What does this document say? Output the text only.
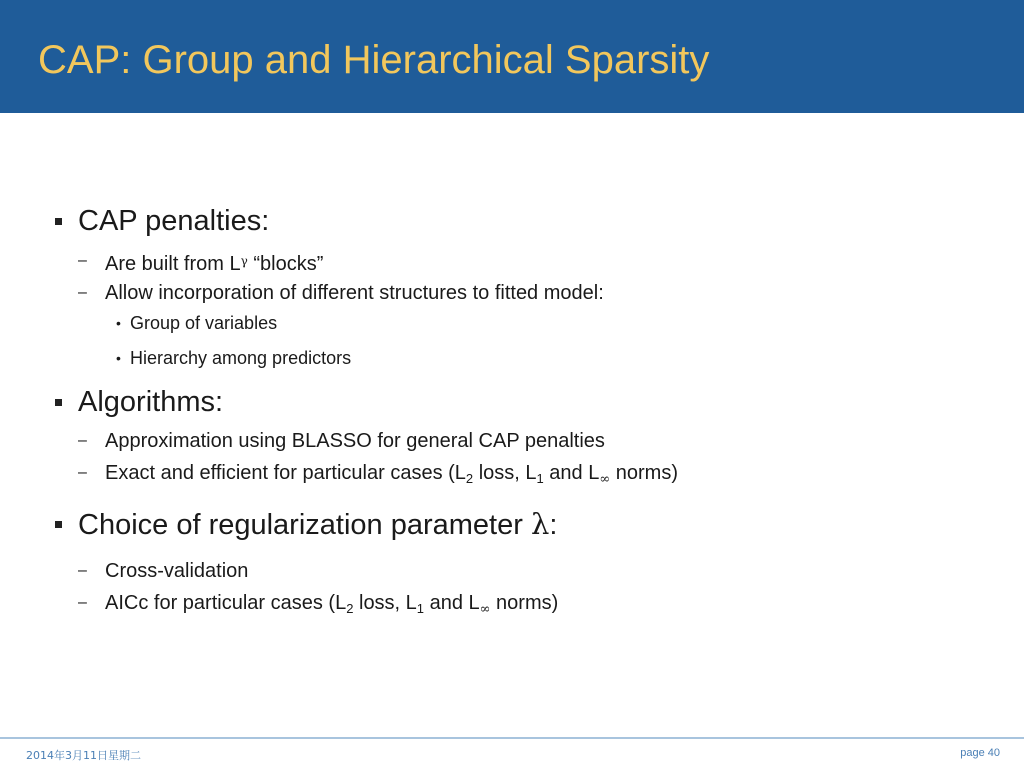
CAP: Group and Hierarchical Sparsity
CAP penalties:
– Are built from $L^\gamma$ “blocks”
– Allow incorporation of different structures to fitted model:
• Group of variables
• Hierarchy among predictors
Algorithms:
– Approximation using BLASSO for general CAP penalties
– Exact and efficient for particular cases ($L_2$ loss, $L_1$ and $L_\infty$ norms)
Choice of regularization parameter λ:
– Cross-validation
– AICc for particular cases ($L_2$ loss, $L_1$ and $L_\infty$ norms)
2014年3月11日星期二	page 40
